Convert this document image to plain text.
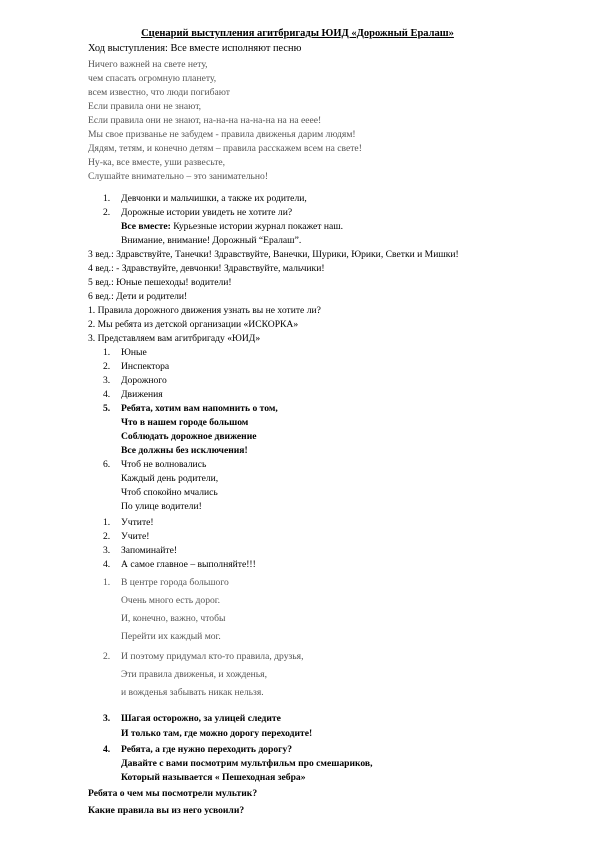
Сценарий выступления агитбригады ЮИД «Дорожный Ералаш»
Ход выступления: Все вместе исполняют песню
Ничего важней на свете нету,
чем спасать огромную планету,
всем известно, что люди погибают
Если правила они не знают,
Если правила они не знают, на-на-на на-на-на на на ееее!
Мы свое призванье не забудем - правила движенья дарим людям!
Дядям, тетям, и конечно детям – правила расскажем всем на свете!
Ну-ка, все вместе, уши развесьте,
Слушайте внимательно – это занимательно!
1. Девчонки и мальчишки, а также их родители,
2. Дорожные истории увидеть не хотите ли?
Все вместе: Курьезные истории журнал покажет наш.
Внимание, внимание! Дорожный “Ералаш”.
3 вед.: Здравствуйте, Танечки! Здравствуйте, Ванечки, Шурики, Юрики, Светки и Мишки!
4 вед.: - Здравствуйте, девчонки! Здравствуйте, мальчики!
5 вед.: Юные пешеходы! водители!
6 вед.: Дети и родители!
1. Правила дорожного движения узнать вы не хотите ли?
2. Мы ребята из детской организации «ИСКОРКА»
3. Представляем вам агитбригаду «ЮИД»
1. Юные
2. Инспектора
3. Дорожного
4. Движения
5. Ребята, хотим вам напомнить о том,
Что в нашем городе большом
Соблюдать дорожное движение
Все должны без исключения!
6. Чтоб не волновались
Каждый день родители,
Чтоб спокойно мчались
По улице водители!
1. Учтите!
2. Учите!
3. Запоминайте!
4. А самое главное – выполняйте!!!
1. В центре города большого
Очень много есть дорог.
И, конечно, важно, чтобы
Перейти их каждый мог.
2. И поэтому придумал кто-то правила, друзья,
Эти правила движенья, и хожденья,
и вожденья забывать никак нельзя.
3. Шагая осторожно, за улицей следите
И только там, где можно дорогу переходите!
4. Ребята, а где нужно переходить дорогу?
Давайте с вами посмотрим мультфильм про смешариков,
Который называется « Пешеходная зебра»
Ребята о чем мы посмотрели мультик?
Какие правила вы из него усвоили?
